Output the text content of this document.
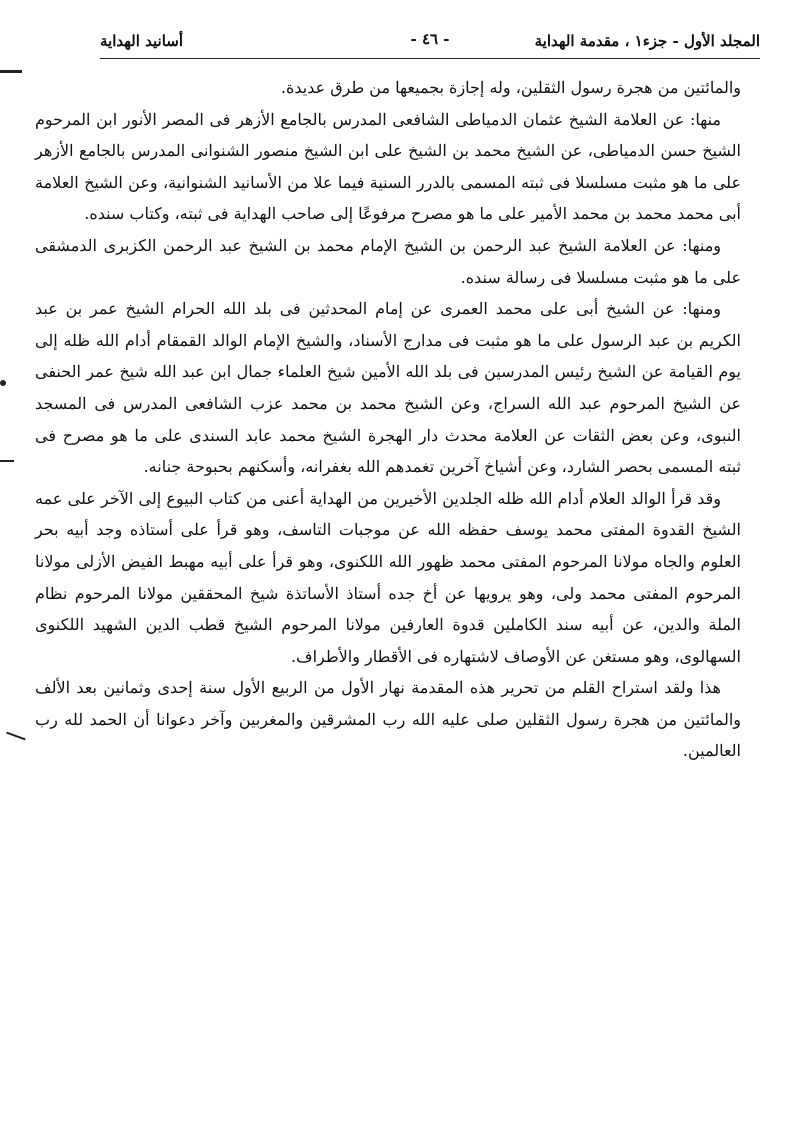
المجلد الأول - جزء۱ ، مقدمة الهداية
- ٤٦ -
أسانيد الهداية

والمائتين من هجرة رسول الثقلين، وله إجازة بجميعها من طرق عديدة.

منها: عن العلامة الشيخ عثمان الدمياطى الشافعى المدرس بالجامع الأزهر فى المصر الأنور ابن المرحوم الشيخ حسن الدمياطى، عن الشيخ محمد بن الشيخ على ابن الشيخ منصور الشنوانى المدرس بالجامع الأزهر على ما هو مثبت مسلسلا فى ثبته المسمى بالدرر السنية فيما علا من الأسانيد الشنوانية، وعن الشيخ العلامة أبى محمد محمد بن محمد الأمير على ما هو مصرح مرفوعًا إلى صاحب الهداية فى ثبته، وكتاب سنده.

ومنها: عن العلامة الشيخ عبد الرحمن بن الشيخ الإمام محمد بن الشيخ عبد الرحمن الكزبرى الدمشقى على ما هو مثبت مسلسلا فى رسالة سنده.

ومنها: عن الشيخ أبى على محمد العمرى عن إمام المحدثين فى بلد الله الحرام الشيخ عمر بن عبد الكريم بن عبد الرسول على ما هو مثبت فى مدارج الأسناد، والشيخ الإمام الوالد القمقام أدام الله ظله إلى يوم القيامة عن الشيخ رئيس المدرسين فى بلد الله الأمين شيخ العلماء جمال ابن عبد الله شيخ عمر الحنفى عن الشيخ المرحوم عبد الله السراج، وعن الشيخ محمد بن محمد عزب الشافعى المدرس فى المسجد النبوى، وعن بعض الثقات عن العلامة محدث دار الهجرة الشيخ محمد عابد السندى على ما هو مصرح فى ثبته المسمى بحصر الشارد، وعن أشياخ آخرين تغمدهم الله بغفرانه، وأسكنهم بحبوحة جنانه.

وقد قرأ الوالد العلام أدام الله ظله الجلدين الأخيرين من الهداية أعنى من كتاب البيوع إلى الآخر على عمه الشيخ القدوة المفتى محمد يوسف حفظه الله عن موجبات التاسف، وهو قرأ على أستاذه وجد أبيه بحر العلوم والجاه مولانا المرحوم المفتى محمد ظهور الله اللكنوى، وهو قرأ على أبيه مهبط الفيض الأزلى مولانا المرحوم المفتى محمد ولى، وهو يرويها عن أخ جده أستاذ الأساتذة شيخ المحققين مولانا المرحوم نظام الملة والدين، عن أبيه سند الكاملين قدوة العارفين مولانا المرحوم الشيخ قطب الدين الشهيد اللكنوى السهالوى، وهو مستغن عن الأوصاف لاشتهاره فى الأقطار والأطراف.

هذا ولقد استراح القلم من تحرير هذه المقدمة نهار الأول من الربيع الأول سنة إحدى وثمانين بعد الألف والمائتين من هجرة رسول الثقلين صلى عليه الله رب المشرقين والمغربين وآخر دعوانا أن الحمد لله رب العالمين.
